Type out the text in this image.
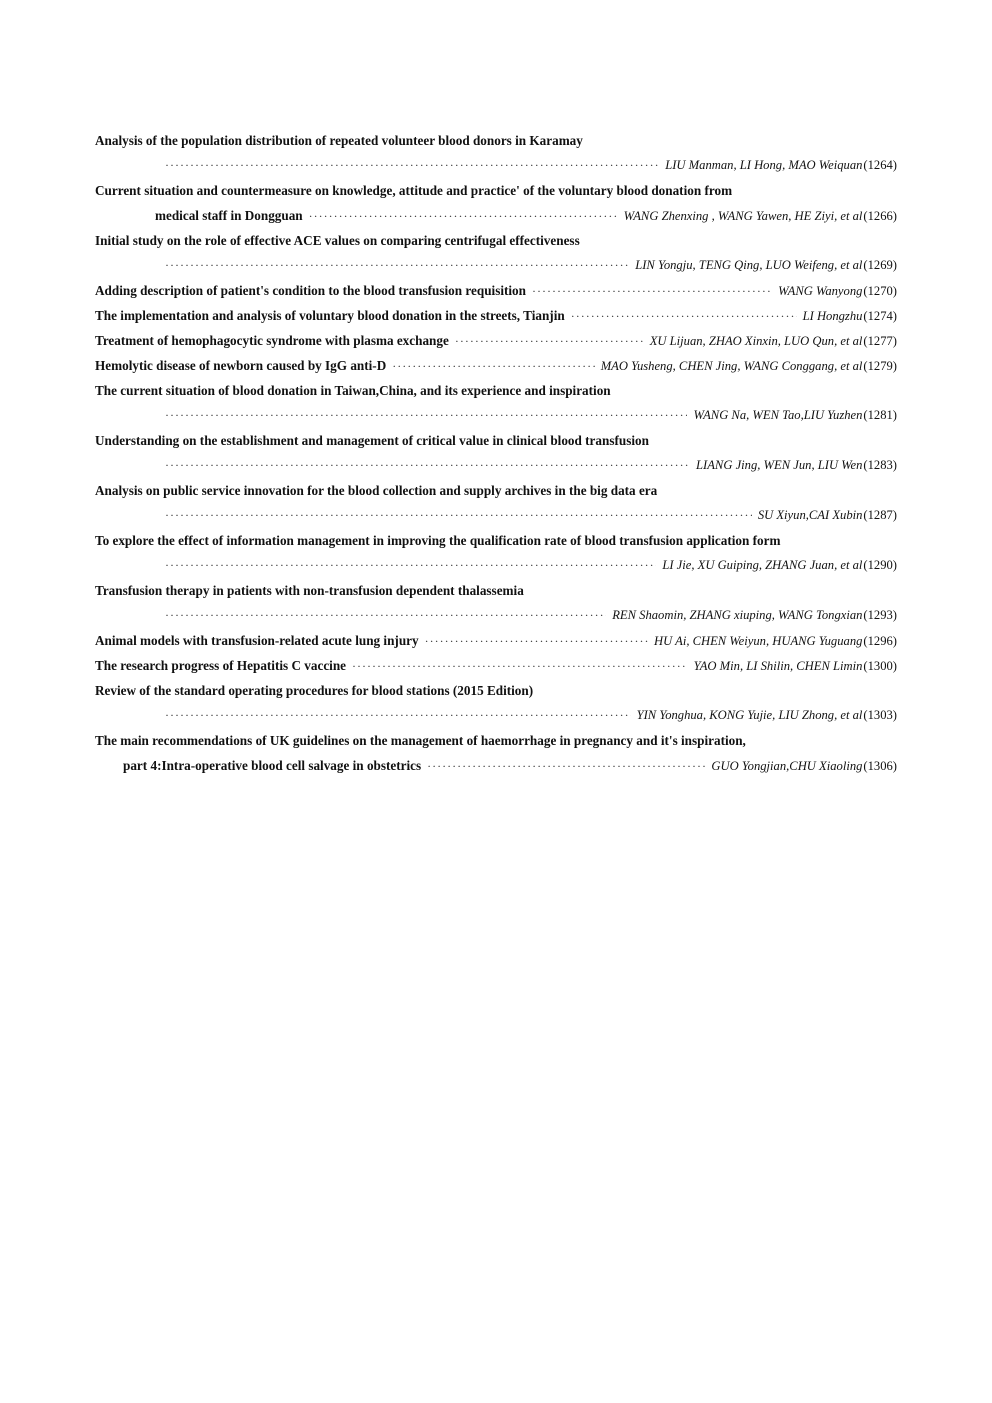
Analysis of the population distribution of repeated volunteer blood donors in Karamay
·····
LIU Manman, LI Hong, MAO Weiquan (1264)
Current situation and countermeasure on knowledge, attitude and practice' of the voluntary blood donation from
medical staff in Dongguan ·····	WANG Zhenxing , WANG Yawen, HE Ziyi, et al (1266)
Initial study on the role of effective ACE values on comparing centrifugal effectiveness
·····
LIN Yongju, TENG Qing, LUO Weifeng, et al (1269)
Adding description of patient's condition to the blood transfusion requisition ·····	WANG Wanyong (1270)
The implementation and analysis of voluntary blood donation in the streets, Tianjin ·····	LI Hongzhu (1274)
Treatment of hemophagocytic syndrome with plasma exchange ·····	XU Lijuan, ZHAO Xinxin, LUO Qun, et al (1277)
Hemolytic disease of newborn caused by IgG anti-D ·····	MAO Yusheng, CHEN Jing, WANG Conggang, et al (1279)
The current situation of blood donation in Taiwan,China, and its experience and inspiration
·····
WANG Na, WEN Tao,LIU Yuzhen (1281)
Understanding on the establishment and management of critical value in clinical blood transfusion
·····
LIANG Jing, WEN Jun, LIU Wen (1283)
Analysis on public service innovation for the blood collection and supply archives in the big data era
·····
SU Xiyun,CAI Xubin (1287)
To explore the effect of information management in improving the qualification rate of blood transfusion application form
·····
LI Jie, XU Guiping, ZHANG Juan, et al (1290)
Transfusion therapy in patients with non-transfusion dependent thalassemia
·····
REN Shaomin, ZHANG xiuping, WANG Tongxian (1293)
Animal models with transfusion-related acute lung injury ·····	HU Ai, CHEN Weiyun, HUANG Yuguang (1296)
The research progress of Hepatitis C vaccine ·····	YAO Min, LI Shilin, CHEN Limin (1300)
Review of the standard operating procedures for blood stations (2015 Edition)
·····
YIN Yonghua, KONG Yujie, LIU Zhong, et al (1303)
The main recommendations of UK guidelines on the management of haemorrhage in pregnancy and it's inspiration,
part 4:Intra-operative blood cell salvage in obstetrics ·····	GUO Yongjian,CHU Xiaoling (1306)
